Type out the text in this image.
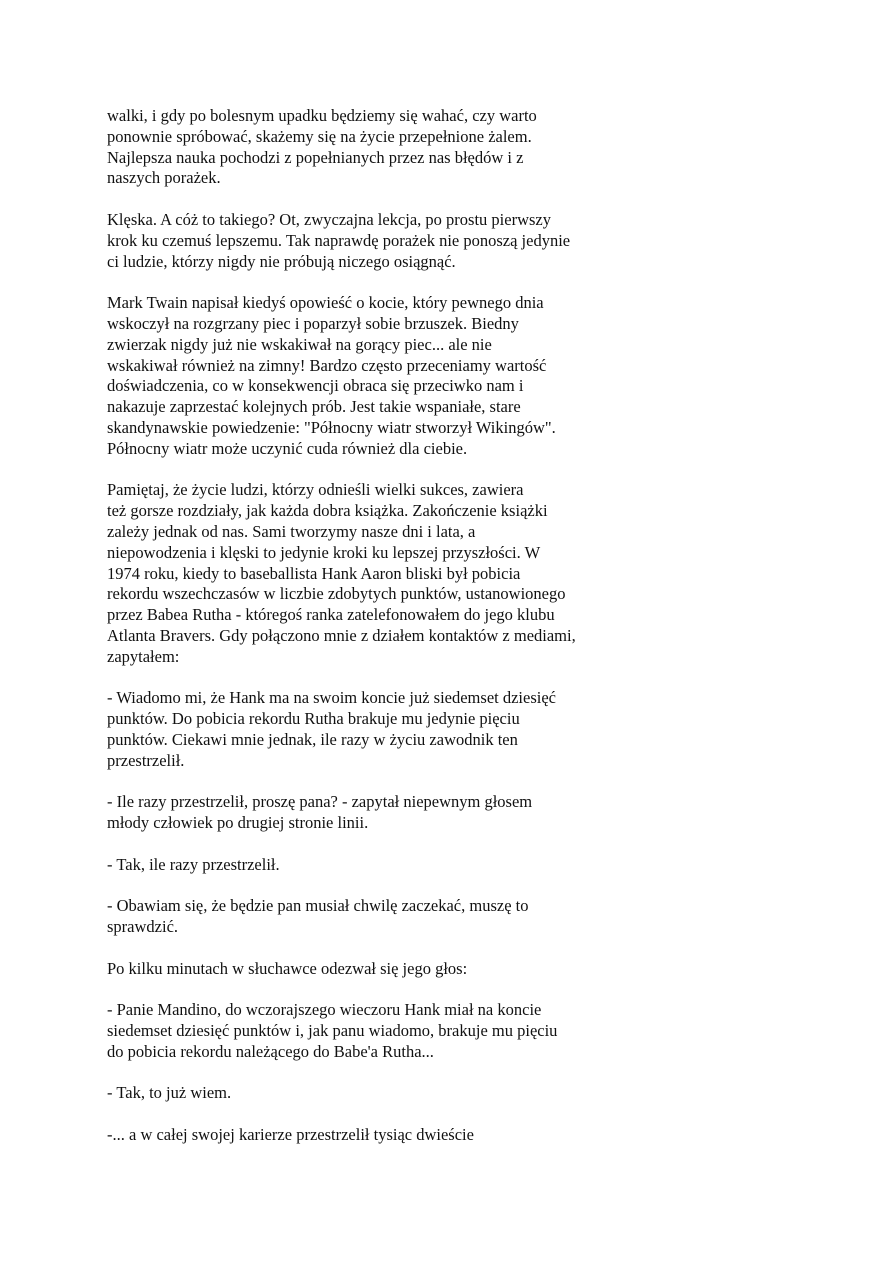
walki, i gdy po bolesnym upadku będziemy się wahać, czy warto
ponownie spróbować, skażemy się na życie przepełnione żalem.
Najlepsza nauka pochodzi z popełnianych przez nas błędów i z
naszych porażek.

Klęska. A cóż to takiego? Ot, zwyczajna lekcja, po prostu pierwszy
krok ku czemuś lepszemu. Tak naprawdę porażek nie ponoszą jedynie
ci ludzie, którzy nigdy nie próbują niczego osiągnąć.

Mark Twain napisał kiedyś opowieść o kocie, który pewnego dnia
wskoczył na rozgrzany piec i poparzył sobie brzuszek. Biedny
zwierzak nigdy już nie wskakiwał na gorący piec... ale nie
wskakiwał również na zimny! Bardzo często przeceniamy wartość
doświadczenia, co w konsekwencji obraca się przeciwko nam i
nakazuje zaprzestać kolejnych prób. Jest takie wspaniałe, stare
skandynawskie powiedzenie: "Północny wiatr stworzył Wikingów".
Północny wiatr może uczynić cuda również dla ciebie.

Pamiętaj, że życie ludzi, którzy odnieśli wielki sukces, zawiera
też gorsze rozdziały, jak każda dobra książka. Zakończenie książki
zależy jednak od nas. Sami tworzymy nasze dni i lata, a
niepowodzenia i klęski to jedynie kroki ku lepszej przyszłości. W
1974 roku, kiedy to baseballista Hank Aaron bliski był pobicia
rekordu wszechczasów w liczbie zdobytych punktów, ustanowionego
przez Babea Rutha - któregoś ranka zatelefonowałem do jego klubu
Atlanta Bravers. Gdy połączono mnie z działem kontaktów z mediami,
zapytałem:

- Wiadomo mi, że Hank ma na swoim koncie już siedemset dziesięć
punktów. Do pobicia rekordu Rutha brakuje mu jedynie pięciu
punktów. Ciekawi mnie jednak, ile razy w życiu zawodnik ten
przestrzelił.

- Ile razy przestrzelił, proszę pana? - zapytał niepewnym głosem
młody człowiek po drugiej stronie linii.

- Tak, ile razy przestrzelił.

- Obawiam się, że będzie pan musiał chwilę zaczekać, muszę to
sprawdzić.

Po kilku minutach w słuchawce odezwał się jego głos:

- Panie Mandino, do wczorajszego wieczoru Hank miał na koncie
siedemset dziesięć punktów i, jak panu wiadomo, brakuje mu pięciu
do pobicia rekordu należącego do Babe'a Rutha...

- Tak, to już wiem.

-... a w całej swojej karierze przestrzelił tysiąc dwieście
